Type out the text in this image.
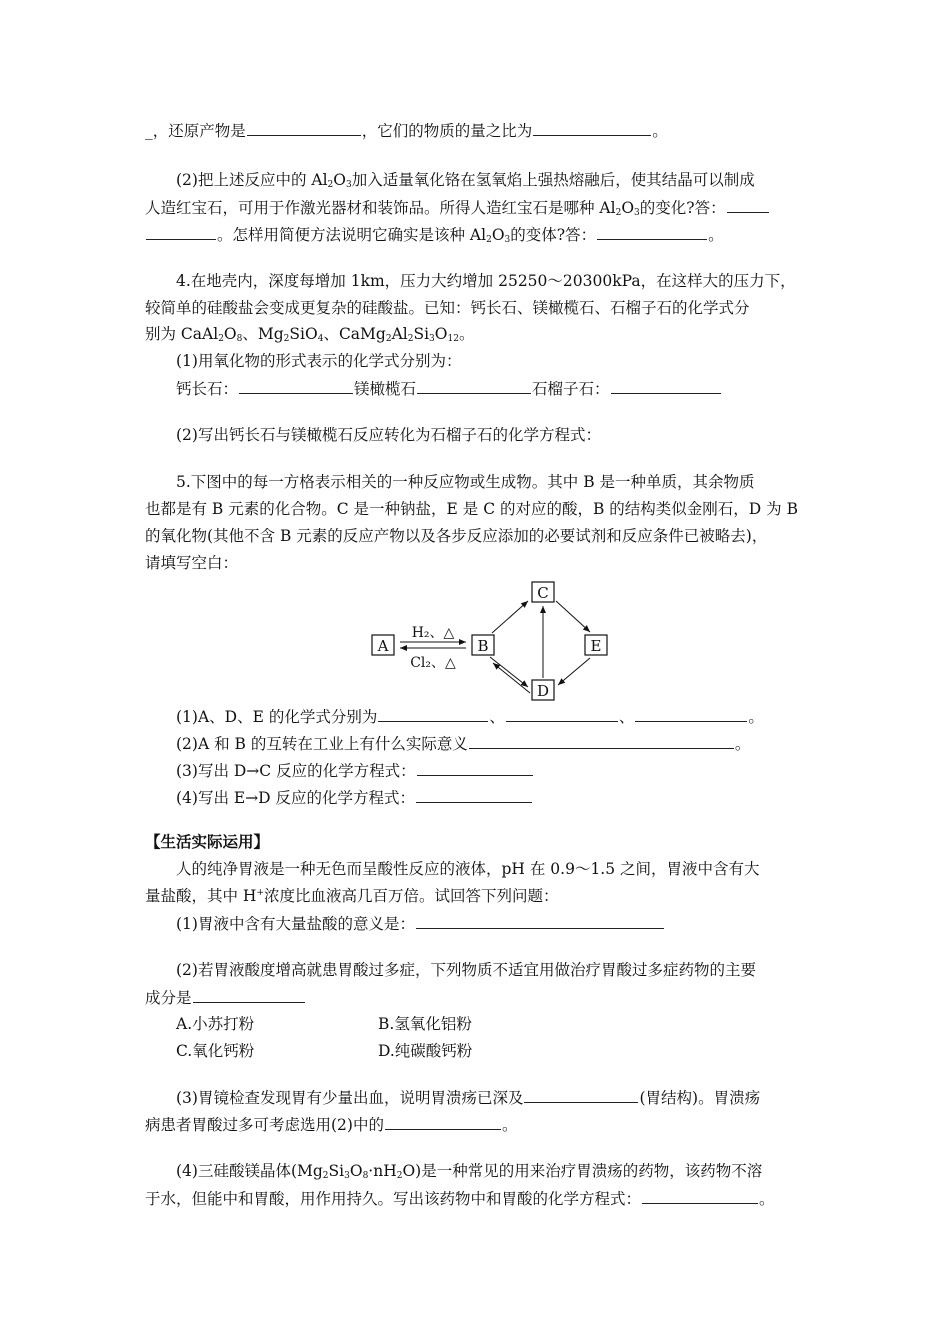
_，还原产物是	，它们的物质的量之比为	。
(2)把上述反应中的 $Al_2O_3$加入适量氧化铬在氢氧焰上强热熔融后，使其结晶可以制成
人造红宝石，可用于作激光器材和装饰品。所得人造红宝石是哪种 $Al_2O_3$的变化?答：
。怎样用简便方法说明它确实是该种 $Al_2O_3$的变体?答：	。
4.在地壳内，深度每增加 1km，压力大约增加 25250～20300kPa，在这样大的压力下，
较简单的硅酸盐会变成更复杂的硅酸盐。已知：钙长石、镁橄榄石、石榴子石的化学式分
别为 $CaAl_2O_8$、$Mg_2SiO_4$、$CaMg_2Al_2Si_3O_{12}$。
(1)用氧化物的形式表示的化学式分别为：
钙长石：	镁橄榄石	石榴子石：
(2)写出钙长石与镁橄榄石反应转化为石榴子石的化学方程式：
5.下图中的每一方格表示相关的一种反应物或生成物。其中 B 是一种单质，其余物质
也都是有 B 元素的化合物。C 是一种钠盐，E 是 C 的对应的酸，B 的结构类似金刚石，D 为 B
的氧化物(其他不含 B 元素的反应产物以及各步反应添加的必要试剂和反应条件已被略去)，
请填写空白：
A	B
C
E
D
H₂、△
Cl₂、△
(1)A、D、E 的化学式分别为	、	、	。
(2)A 和 B 的互转在工业上有什么实际意义	。
(3)写出 D→C 反应的化学方程式：
(4)写出 E→D 反应的化学方程式：
【生活实际运用】
人的纯净胃液是一种无色而呈酸性反应的液体，pH 在 0.9～1.5 之间，胃液中含有大
量盐酸，其中 H+浓度比血液高几百万倍。试回答下列问题：
(1)胃液中含有大量盐酸的意义是：
(2)若胃液酸度增高就患胃酸过多症，下列物质不适宜用做治疗胃酸过多症药物的主要
成分是
A.小苏打粉	B.氢氧化铝粉
C.氧化钙粉	D.纯碳酸钙粉
(3)胃镜检查发现胃有少量出血，说明胃溃疡已深及	(胃结构)。胃溃疡
病患者胃酸过多可考虑选用(2)中的	。
(4)三硅酸镁晶体$(Mg_2Si_3O_8\cdot nH_2O)$是一种常见的用来治疗胃溃疡的药物，该药物不溶
于水，但能中和胃酸，用作用持久。写出该药物中和胃酸的化学方程式：	。
